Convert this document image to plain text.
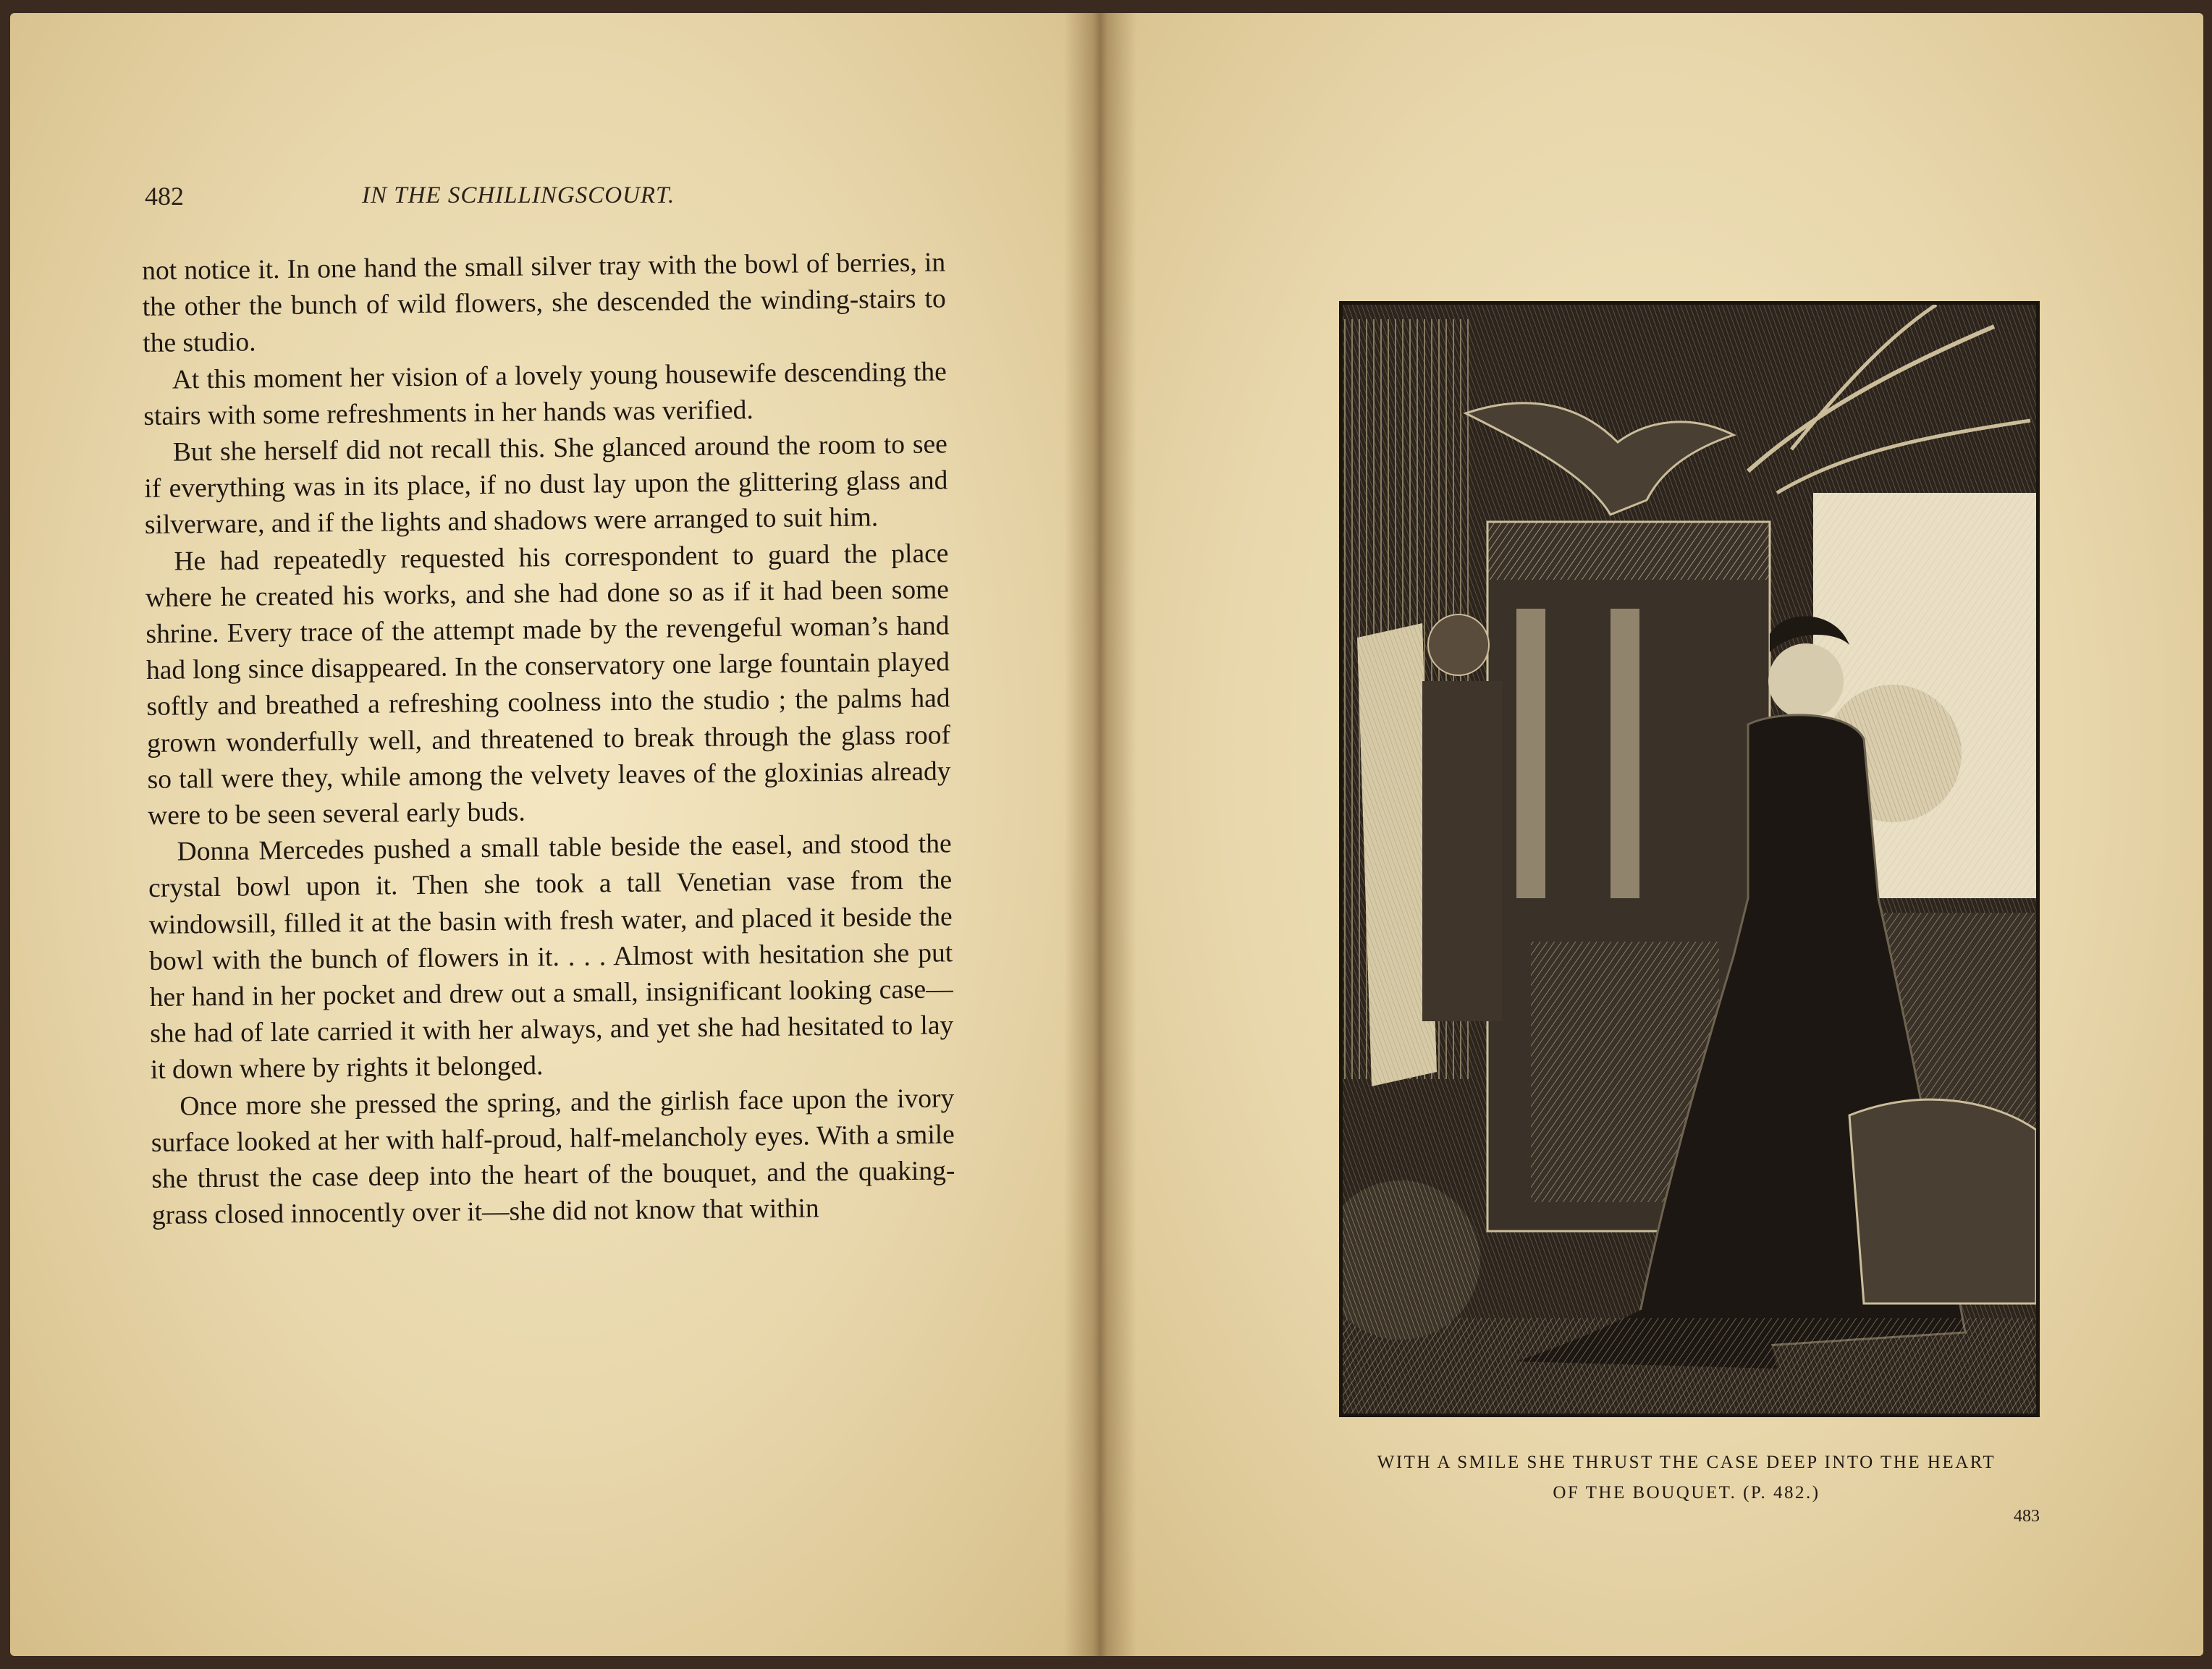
482	IN THE SCHILLINGSCOURT.

not notice it. In one hand the small silver tray with the bowl of berries, in the other the bunch of wild flowers, she descended the winding-stairs to the studio.

At this moment her vision of a lovely young housewife descending the stairs with some refreshments in her hands was verified.

But she herself did not recall this. She glanced around the room to see if everything was in its place, if no dust lay upon the glittering glass and silverware, and if the lights and shadows were arranged to suit him.

He had repeatedly requested his correspondent to guard the place where he created his works, and she had done so as if it had been some shrine. Every trace of the attempt made by the revengeful woman’s hand had long since disappeared. In the conservatory one large fountain played softly and breathed a refreshing coolness into the studio ; the palms had grown wonderfully well, and threatened to break through the glass roof so tall were they, while among the velvety leaves of the gloxinias already were to be seen several early buds.

Donna Mercedes pushed a small table beside the easel, and stood the crystal bowl upon it. Then she took a tall Venetian vase from the windowsill, filled it at the basin with fresh water, and placed it beside the bowl with the bunch of flowers in it. . . . Almost with hesitation she put her hand in her pocket and drew out a small, insignificant looking case—she had of late carried it with her always, and yet she had hesitated to lay it down where by rights it belonged.

Once more she pressed the spring, and the girlish face upon the ivory surface looked at her with half-proud, half-melancholy eyes. With a smile she thrust the case deep into the heart of the bouquet, and the quaking-grass closed innocently over it—she did not know that within

WITH A SMILE SHE THRUST THE CASE DEEP INTO THE HEART
OF THE BOUQUET. (P. 482.)
483
